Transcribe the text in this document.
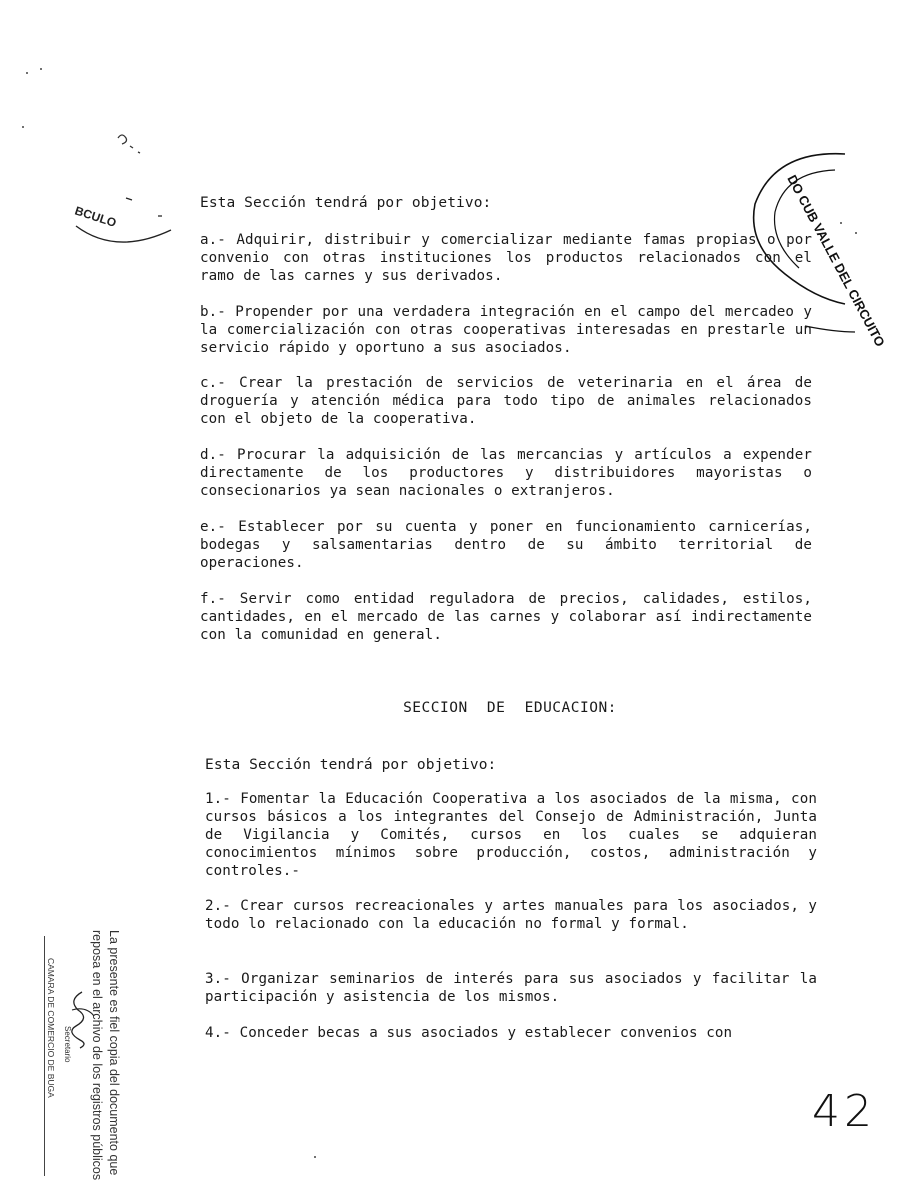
BCULO	DO CUB VALLE DEL CIRCUITO
Esta Sección tendrá por objetivo:
a.- Adquirir, distribuir y comercializar mediante famas propias o por convenio con otras instituciones los productos relacionados con el ramo de las carnes y sus derivados.
b.- Propender por una verdadera integración en el campo del mercadeo y la comercialización con otras cooperativas interesadas en prestarle un servicio rápido y oportuno a sus asociados.
c.- Crear la prestación de servicios de veterinaria en el área de droguería y atención médica para todo tipo de animales relacionados con el objeto de la cooperativa.
d.- Procurar la adquisición de las mercancias y artículos a expender directamente de los productores y distribuidores mayoristas o consecionarios ya sean nacionales o extranjeros.
e.- Establecer por su cuenta y poner en funcionamiento carnicerías, bodegas y salsamentarias dentro de su ámbito territorial de operaciones.
f.- Servir como entidad reguladora de precios, calidades, estilos, cantidades, en el mercado de las carnes y colaborar así indirectamente con la comunidad en general.
SECCION DE EDUCACION:
Esta Sección tendrá por objetivo:
1.- Fomentar la Educación Cooperativa a los asociados de la misma, con cursos básicos a los integrantes del Consejo de Administración, Junta de Vigilancia y Comités, cursos en los cuales se adquieran conocimientos mínimos sobre producción, costos, administración y controles.-
2.- Crear cursos recreacionales y artes manuales para los asociados, y todo lo relacionado con la educación no formal y formal.
3.- Organizar seminarios de interés para sus asociados y facilitar la participación y asistencia de los mismos.
4.- Conceder becas a sus asociados y establecer convenios con
42
La presente es fiel copia del documento que
reposa en el archivo de los registros públicos
Secretario
CAMARA DE COMERCIO DE BUGA
